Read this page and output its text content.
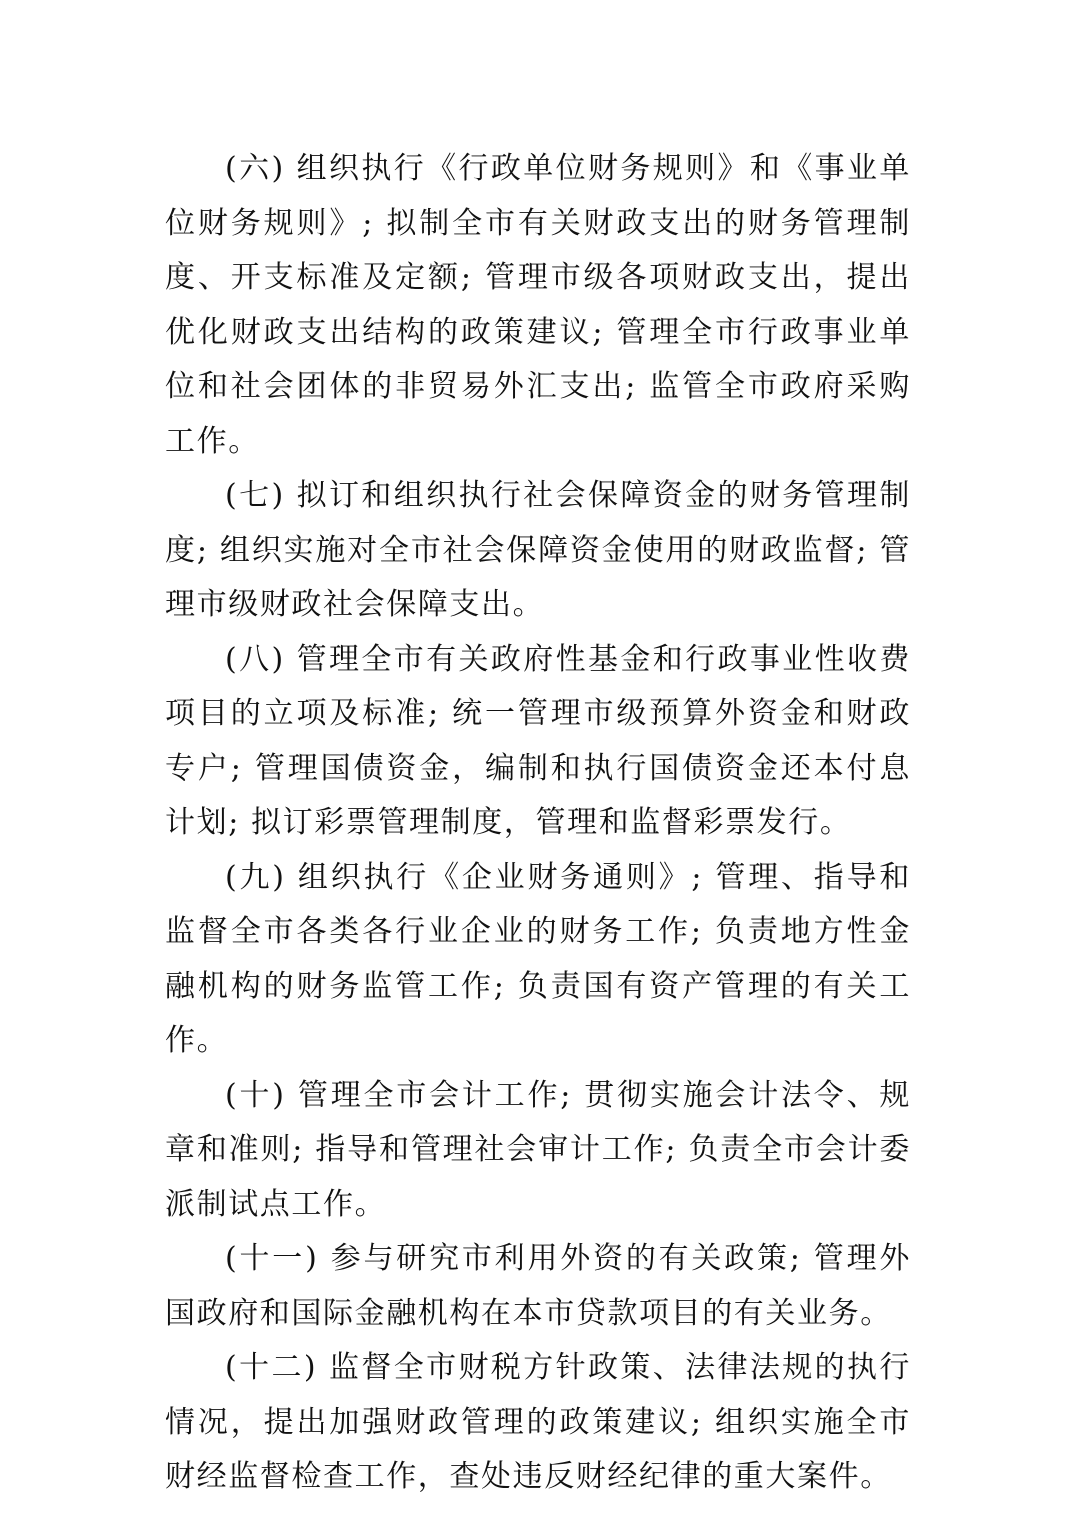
(六) 组织执行《行政单位财务规则》和《事业单位财务规则》; 拟制全市有关财政支出的财务管理制度、开支标准及定额; 管理市级各项财政支出，提出优化财政支出结构的政策建议; 管理全市行政事业单位和社会团体的非贸易外汇支出; 监管全市政府采购工作。

(七) 拟订和组织执行社会保障资金的财务管理制度; 组织实施对全市社会保障资金使用的财政监督; 管理市级财政社会保障支出。

(八) 管理全市有关政府性基金和行政事业性收费项目的立项及标准; 统一管理市级预算外资金和财政专户; 管理国债资金，编制和执行国债资金还本付息计划; 拟订彩票管理制度，管理和监督彩票发行。

(九) 组织执行《企业财务通则》; 管理、指导和监督全市各类各行业企业的财务工作; 负责地方性金融机构的财务监管工作; 负责国有资产管理的有关工作。

(十) 管理全市会计工作; 贯彻实施会计法令、规章和准则; 指导和管理社会审计工作; 负责全市会计委派制试点工作。

(十一) 参与研究市利用外资的有关政策; 管理外国政府和国际金融机构在本市贷款项目的有关业务。

(十二) 监督全市财税方针政策、法律法规的执行情况，提出加强财政管理的政策建议; 组织实施全市财经监督检查工作，查处违反财经纪律的重大案件。
